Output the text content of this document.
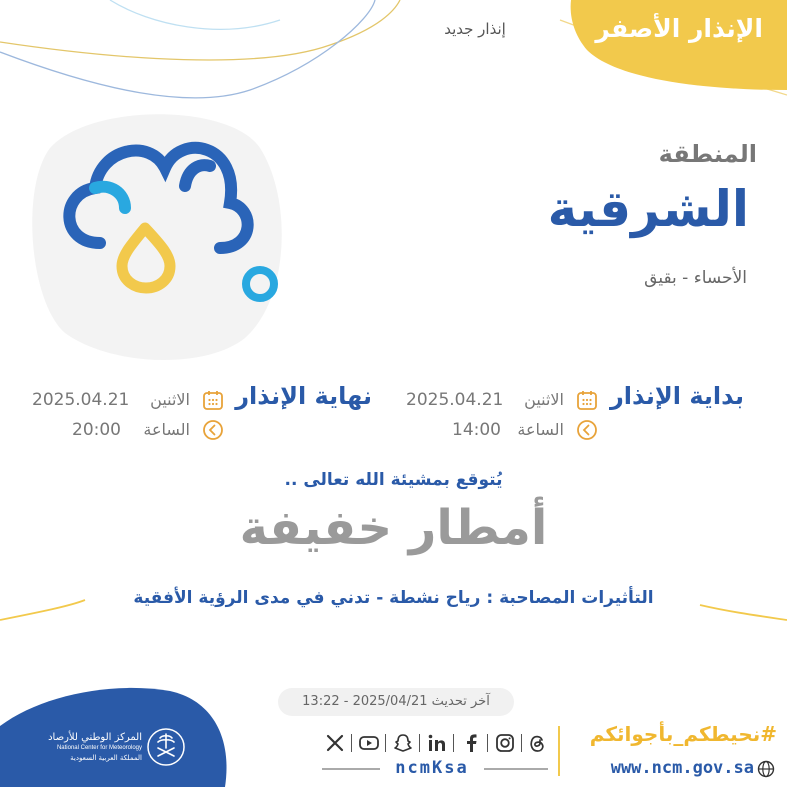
الإنذار الأصفر
إنذار جديد
المنطقة
الشرقية
الأحساء - بقيق
بداية الإنذار
الاثنين
2025.04.21
الساعة
14:00
نهاية الإنذار
الاثنين
2025.04.21
الساعة
20:00
يُتوقع بمشيئة الله تعالى ..
أمطار خفيفة
التأثيرات المصاحبة : رياح نشطة - تدني في مدى الرؤية الأفقية
آخر تحديث 2025/04/21 - 13:22
المركز الوطني للأرصاد
National Center for Meteorology
المملكة العربية السعودية	ncmKsa
#نحيطكم_بأجوائكم
www.ncm.gov.sa
